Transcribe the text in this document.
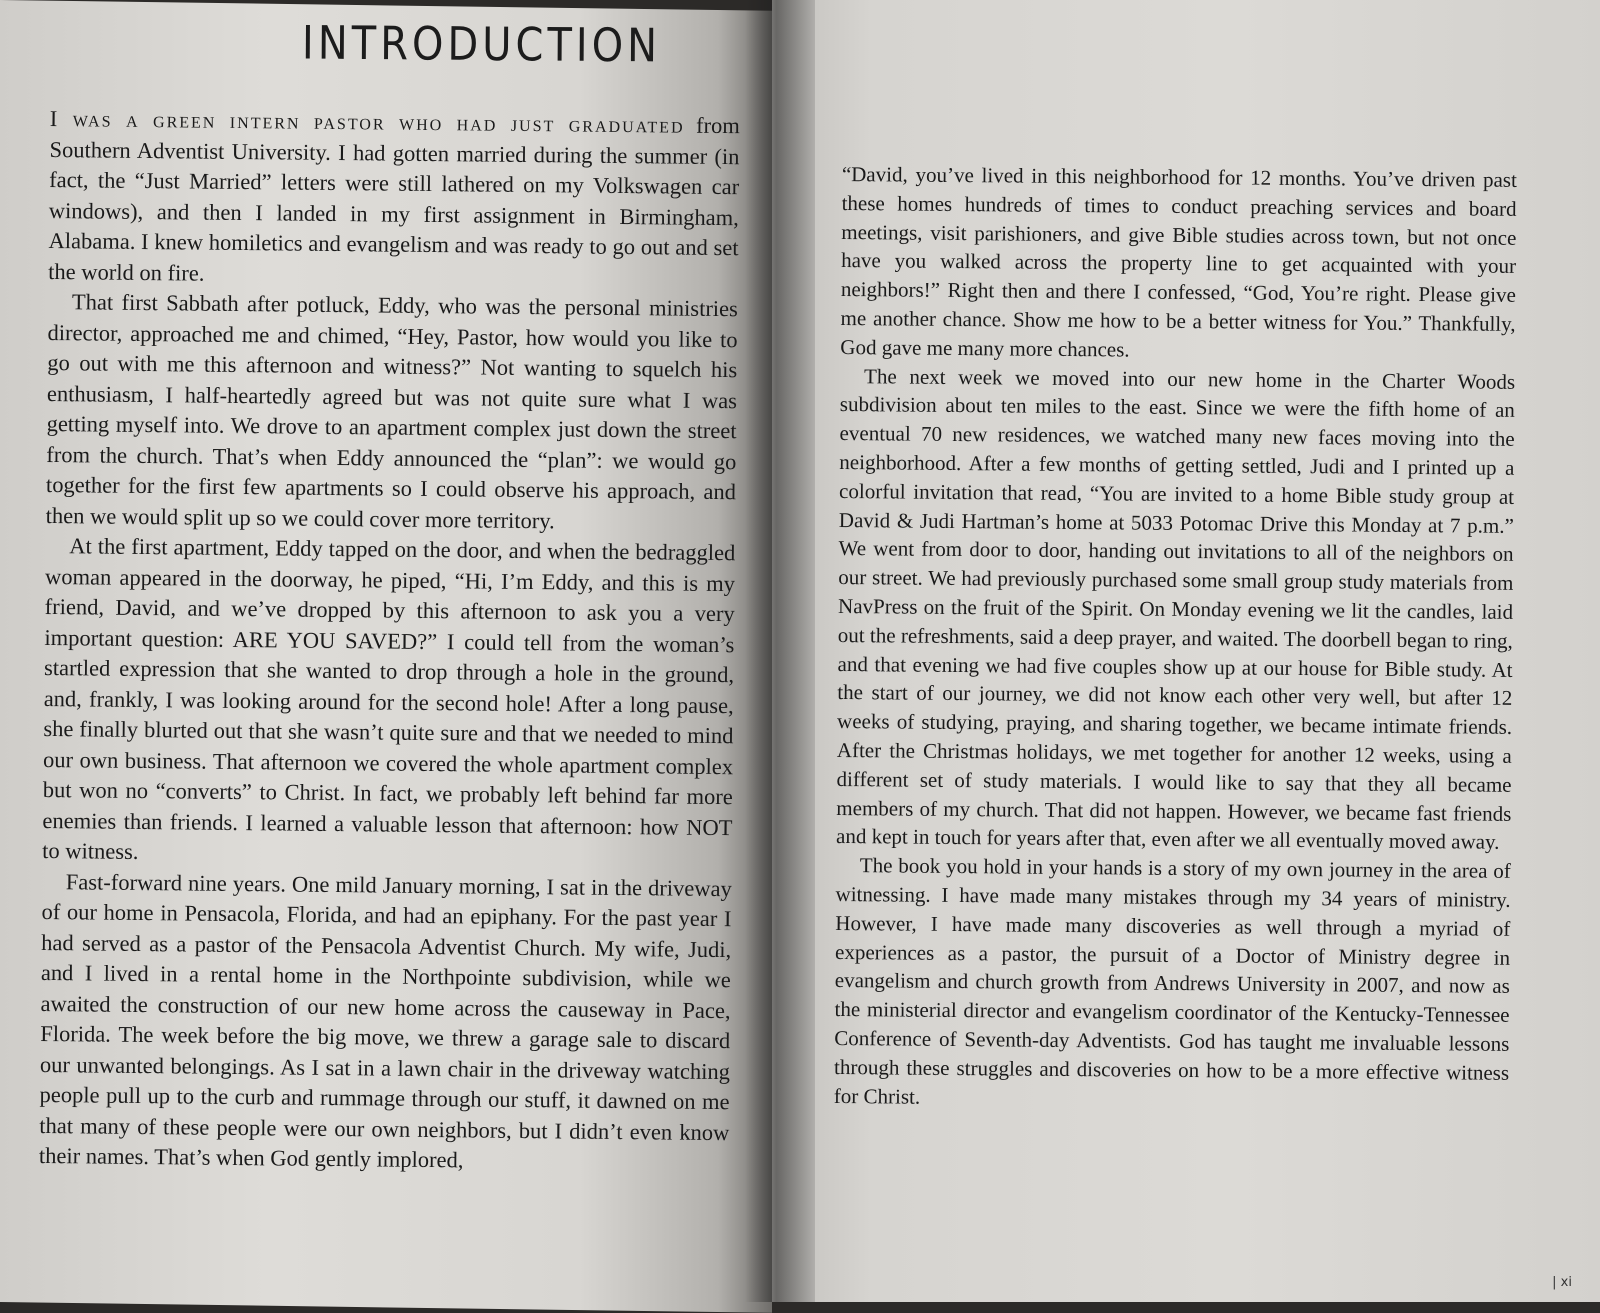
INTRODUCTION

I was a green intern pastor who had just graduated from Southern Adventist University. I had gotten married during the summer (in fact, the “Just Married” letters were still lathered on my Volkswagen car windows), and then I landed in my first assignment in Birmingham, Alabama. I knew homiletics and evangelism and was ready to go out and set the world on fire.

That first Sabbath after potluck, Eddy, who was the personal ministries director, approached me and chimed, “Hey, Pastor, how would you like to go out with me this afternoon and witness?” Not wanting to squelch his enthusiasm, I half-heartedly agreed but was not quite sure what I was getting myself into. We drove to an apartment complex just down the street from the church. That’s when Eddy announced the “plan”: we would go together for the first few apartments so I could observe his approach, and then we would split up so we could cover more territory.

At the first apartment, Eddy tapped on the door, and when the bedraggled woman appeared in the doorway, he piped, “Hi, I’m Eddy, and this is my friend, David, and we’ve dropped by this afternoon to ask you a very important question: ARE YOU SAVED?” I could tell from the woman’s startled expression that she wanted to drop through a hole in the ground, and, frankly, I was looking around for the second hole! After a long pause, she finally blurted out that she wasn’t quite sure and that we needed to mind our own business. That afternoon we covered the whole apartment complex but won no “converts” to Christ. In fact, we probably left behind far more enemies than friends. I learned a valuable lesson that afternoon: how NOT to witness.

Fast-forward nine years. One mild January morning, I sat in the driveway of our home in Pensacola, Florida, and had an epiphany. For the past year I had served as a pastor of the Pensacola Adventist Church. My wife, Judi, and I lived in a rental home in the Northpointe subdivision, while we awaited the construction of our new home across the causeway in Pace, Florida. The week before the big move, we threw a garage sale to discard our unwanted belongings. As I sat in a lawn chair in the driveway watching people pull up to the curb and rummage through our stuff, it dawned on me that many of these people were our own neighbors, but I didn’t even know their names. That’s when God gently implored,

“David, you’ve lived in this neighborhood for 12 months. You’ve driven past these homes hundreds of times to conduct preaching services and board meetings, visit parishioners, and give Bible studies across town, but not once have you walked across the property line to get acquainted with your neighbors!” Right then and there I confessed, “God, You’re right. Please give me another chance. Show me how to be a better witness for You.” Thankfully, God gave me many more chances.

The next week we moved into our new home in the Charter Woods subdivision about ten miles to the east. Since we were the fifth home of an eventual 70 new residences, we watched many new faces moving into the neighborhood. After a few months of getting settled, Judi and I printed up a colorful invitation that read, “You are invited to a home Bible study group at David & Judi Hartman’s home at 5033 Potomac Drive this Monday at 7 p.m.” We went from door to door, handing out invitations to all of the neighbors on our street. We had previously purchased some small group study materials from NavPress on the fruit of the Spirit. On Monday evening we lit the candles, laid out the refreshments, said a deep prayer, and waited. The doorbell began to ring, and that evening we had five couples show up at our house for Bible study. At the start of our journey, we did not know each other very well, but after 12 weeks of studying, praying, and sharing together, we became intimate friends. After the Christmas holidays, we met together for another 12 weeks, using a different set of study materials. I would like to say that they all became members of my church. That did not happen. However, we became fast friends and kept in touch for years after that, even after we all eventually moved away.

The book you hold in your hands is a story of my own journey in the area of witnessing. I have made many mistakes through my 34 years of ministry. However, I have made many discoveries as well through a myriad of experiences as a pastor, the pursuit of a Doctor of Ministry degree in evangelism and church growth from Andrews University in 2007, and now as the ministerial director and evangelism coordinator of the Kentucky-Tennessee Conference of Seventh-day Adventists. God has taught me invaluable lessons through these struggles and discoveries on how to be a more effective witness for Christ.

| xi
